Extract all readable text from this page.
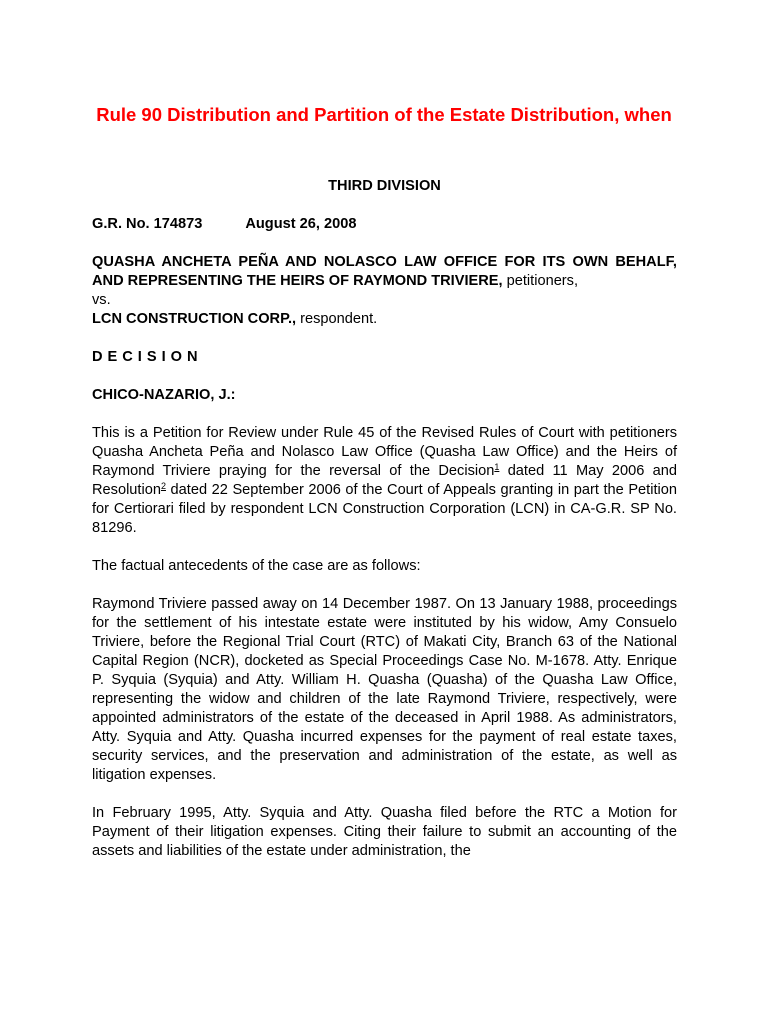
Rule 90 Distribution and Partition of the Estate Distribution, when

THIRD DIVISION

G.R. No. 174873	August 26, 2008

QUASHA ANCHETA PEÑA AND NOLASCO LAW OFFICE FOR ITS OWN BEHALF, AND REPRESENTING THE HEIRS OF RAYMOND TRIVIERE, petitioners,

vs.

LCN CONSTRUCTION CORP., respondent.

DECISION

CHICO-NAZARIO, J.:

This is a Petition for Review under Rule 45 of the Revised Rules of Court with petitioners Quasha Ancheta Peña and Nolasco Law Office (Quasha Law Office) and the Heirs of Raymond Triviere praying for the reversal of the Decision$^1$ dated 11 May 2006 and Resolution$^2$ dated 22 September 2006 of the Court of Appeals granting in part the Petition for Certiorari filed by respondent LCN Construction Corporation (LCN) in CA-G.R. SP No. 81296.

The factual antecedents of the case are as follows:

Raymond Triviere passed away on 14 December 1987. On 13 January 1988, proceedings for the settlement of his intestate estate were instituted by his widow, Amy Consuelo Triviere, before the Regional Trial Court (RTC) of Makati City, Branch 63 of the National Capital Region (NCR), docketed as Special Proceedings Case No. M-1678. Atty. Enrique P. Syquia (Syquia) and Atty. William H. Quasha (Quasha) of the Quasha Law Office, representing the widow and children of the late Raymond Triviere, respectively, were appointed administrators of the estate of the deceased in April 1988. As administrators, Atty. Syquia and Atty. Quasha incurred expenses for the payment of real estate taxes, security services, and the preservation and administration of the estate, as well as litigation expenses.

In February 1995, Atty. Syquia and Atty. Quasha filed before the RTC a Motion for Payment of their litigation expenses. Citing their failure to submit an accounting of the assets and liabilities of the estate under administration, the
